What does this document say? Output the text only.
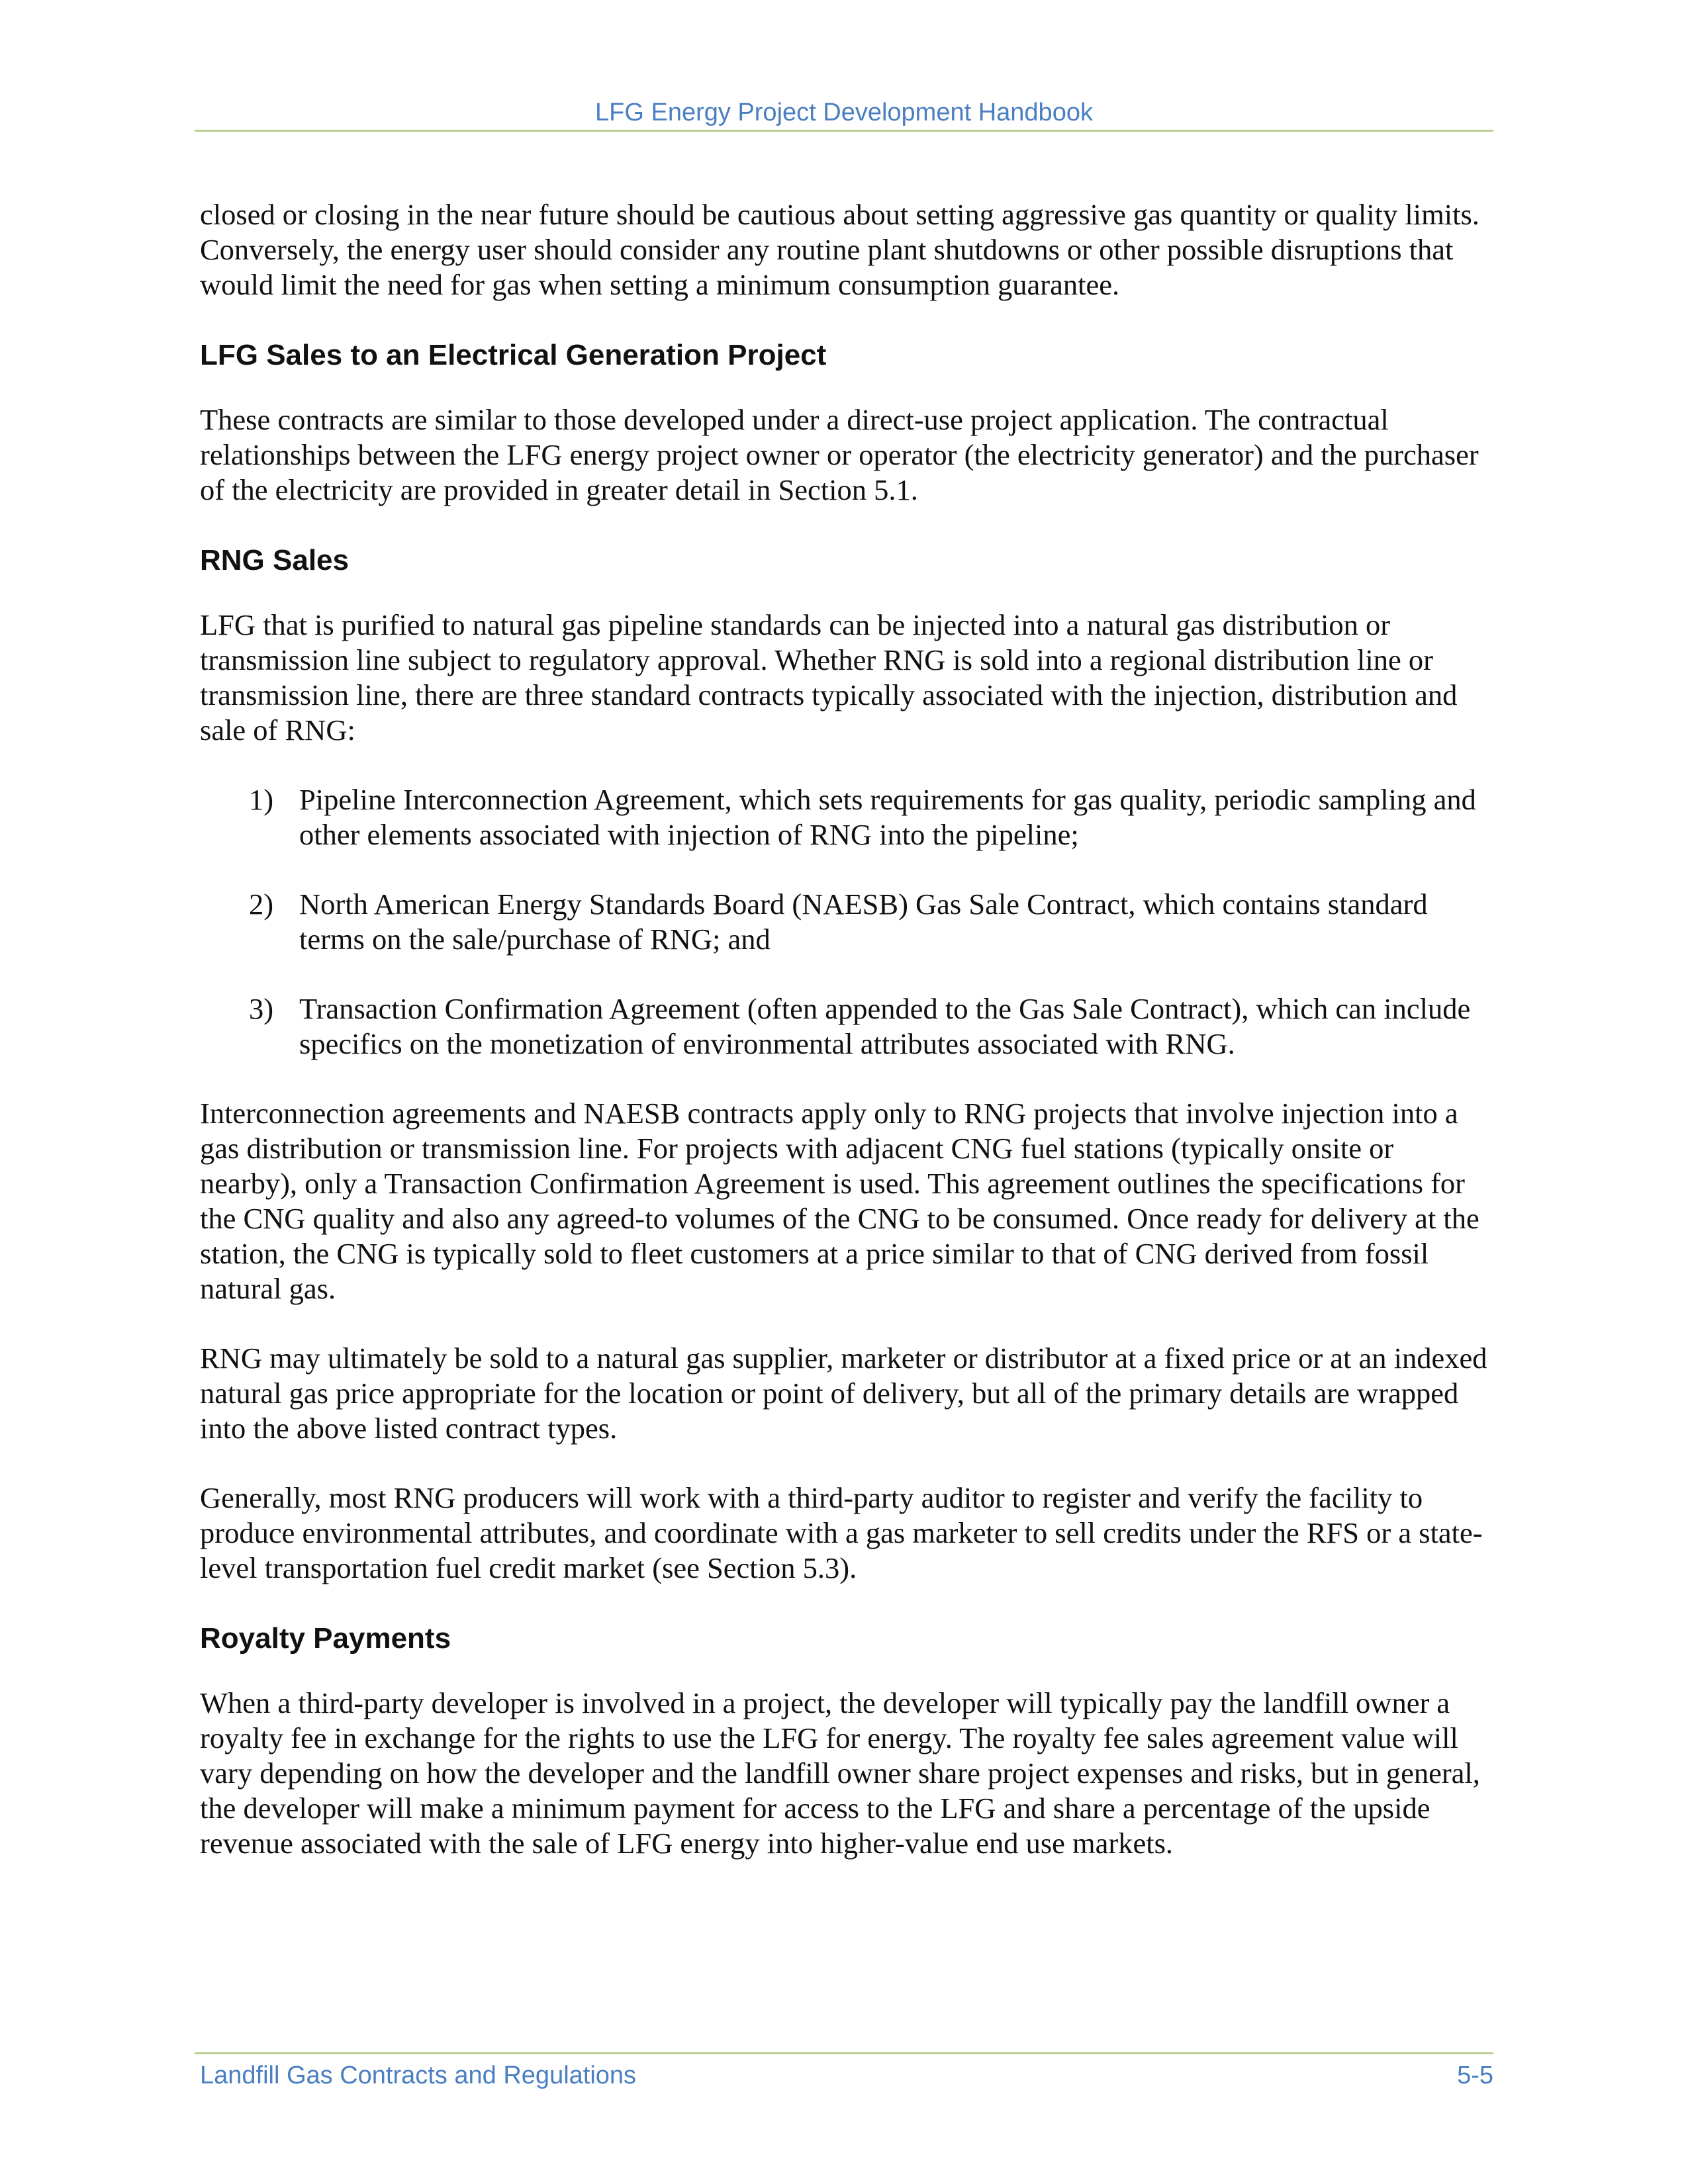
LFG Energy Project Development Handbook

closed or closing in the near future should be cautious about setting aggressive gas quantity or quality limits. Conversely, the energy user should consider any routine plant shutdowns or other possible disruptions that would limit the need for gas when setting a minimum consumption guarantee.

LFG Sales to an Electrical Generation Project

These contracts are similar to those developed under a direct-use project application. The contractual relationships between the LFG energy project owner or operator (the electricity generator) and the purchaser of the electricity are provided in greater detail in Section 5.1.

RNG Sales

LFG that is purified to natural gas pipeline standards can be injected into a natural gas distribution or transmission line subject to regulatory approval. Whether RNG is sold into a regional distribution line or transmission line, there are three standard contracts typically associated with the injection, distribution and sale of RNG:

1) Pipeline Interconnection Agreement, which sets requirements for gas quality, periodic sampling and other elements associated with injection of RNG into the pipeline;
2) North American Energy Standards Board (NAESB) Gas Sale Contract, which contains standard terms on the sale/purchase of RNG; and
3) Transaction Confirmation Agreement (often appended to the Gas Sale Contract), which can include specifics on the monetization of environmental attributes associated with RNG.

Interconnection agreements and NAESB contracts apply only to RNG projects that involve injection into a gas distribution or transmission line. For projects with adjacent CNG fuel stations (typically onsite or nearby), only a Transaction Confirmation Agreement is used. This agreement outlines the specifications for the CNG quality and also any agreed-to volumes of the CNG to be consumed. Once ready for delivery at the station, the CNG is typically sold to fleet customers at a price similar to that of CNG derived from fossil natural gas.

RNG may ultimately be sold to a natural gas supplier, marketer or distributor at a fixed price or at an indexed natural gas price appropriate for the location or point of delivery, but all of the primary details are wrapped into the above listed contract types.

Generally, most RNG producers will work with a third-party auditor to register and verify the facility to produce environmental attributes, and coordinate with a gas marketer to sell credits under the RFS or a state-level transportation fuel credit market (see Section 5.3).

Royalty Payments

When a third-party developer is involved in a project, the developer will typically pay the landfill owner a royalty fee in exchange for the rights to use the LFG for energy. The royalty fee sales agreement value will vary depending on how the developer and the landfill owner share project expenses and risks, but in general, the developer will make a minimum payment for access to the LFG and share a percentage of the upside revenue associated with the sale of LFG energy into higher-value end use markets.

Landfill Gas Contracts and Regulations	5-5
